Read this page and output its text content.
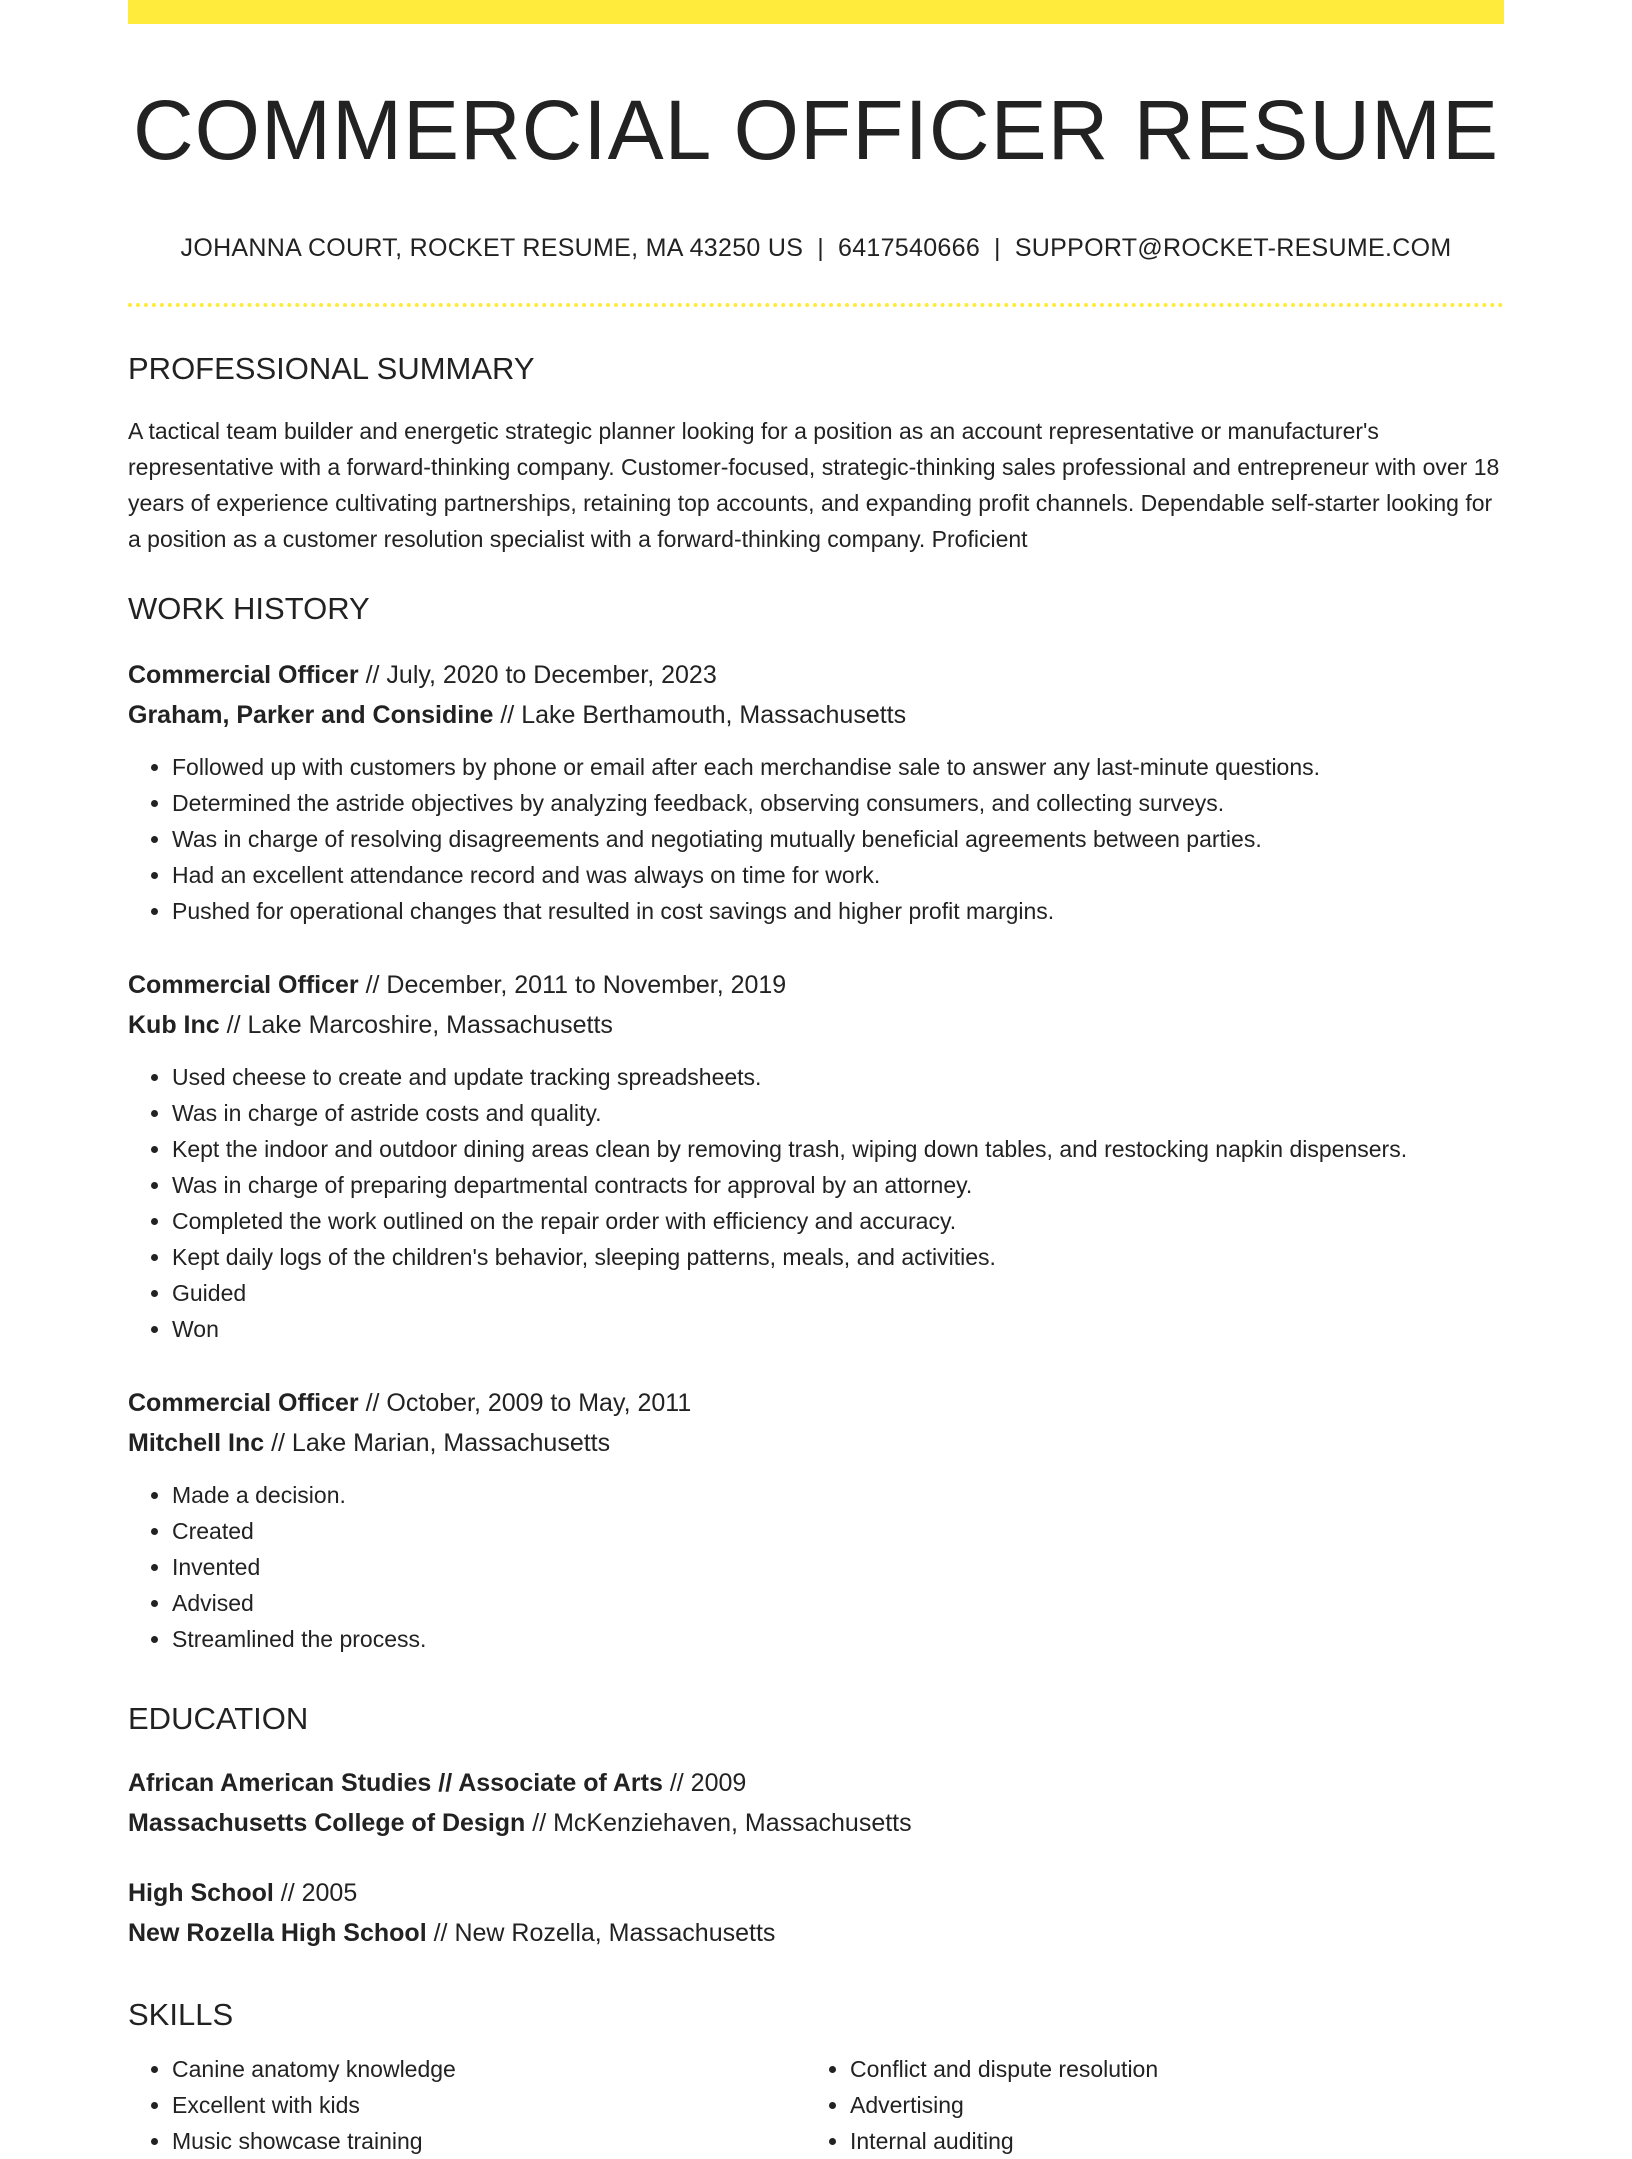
COMMERCIAL OFFICER RESUME
JOHANNA COURT, ROCKET RESUME, MA 43250 US | 6417540666 | SUPPORT@ROCKET-RESUME.COM
PROFESSIONAL SUMMARY
A tactical team builder and energetic strategic planner looking for a position as an account representative or manufacturer's representative with a forward-thinking company. Customer-focused, strategic-thinking sales professional and entrepreneur with over 18 years of experience cultivating partnerships, retaining top accounts, and expanding profit channels. Dependable self-starter looking for a position as a customer resolution specialist with a forward-thinking company. Proficient
WORK HISTORY
Commercial Officer // July, 2020 to December, 2023
Graham, Parker and Considine // Lake Berthamouth, Massachusetts
• Followed up with customers by phone or email after each merchandise sale to answer any last-minute questions.
• Determined the astride objectives by analyzing feedback, observing consumers, and collecting surveys.
• Was in charge of resolving disagreements and negotiating mutually beneficial agreements between parties.
• Had an excellent attendance record and was always on time for work.
• Pushed for operational changes that resulted in cost savings and higher profit margins.
Commercial Officer // December, 2011 to November, 2019
Kub Inc // Lake Marcoshire, Massachusetts
• Used cheese to create and update tracking spreadsheets.
• Was in charge of astride costs and quality.
• Kept the indoor and outdoor dining areas clean by removing trash, wiping down tables, and restocking napkin dispensers.
• Was in charge of preparing departmental contracts for approval by an attorney.
• Completed the work outlined on the repair order with efficiency and accuracy.
• Kept daily logs of the children's behavior, sleeping patterns, meals, and activities.
• Guided
• Won
Commercial Officer // October, 2009 to May, 2011
Mitchell Inc // Lake Marian, Massachusetts
• Made a decision.
• Created
• Invented
• Advised
• Streamlined the process.
EDUCATION
African American Studies // Associate of Arts // 2009
Massachusetts College of Design // McKenziehaven, Massachusetts
High School // 2005
New Rozella High School // New Rozella, Massachusetts
SKILLS
• Canine anatomy knowledge
• Excellent with kids
• Music showcase training
• Conflict and dispute resolution
• Advertising
• Internal auditing
